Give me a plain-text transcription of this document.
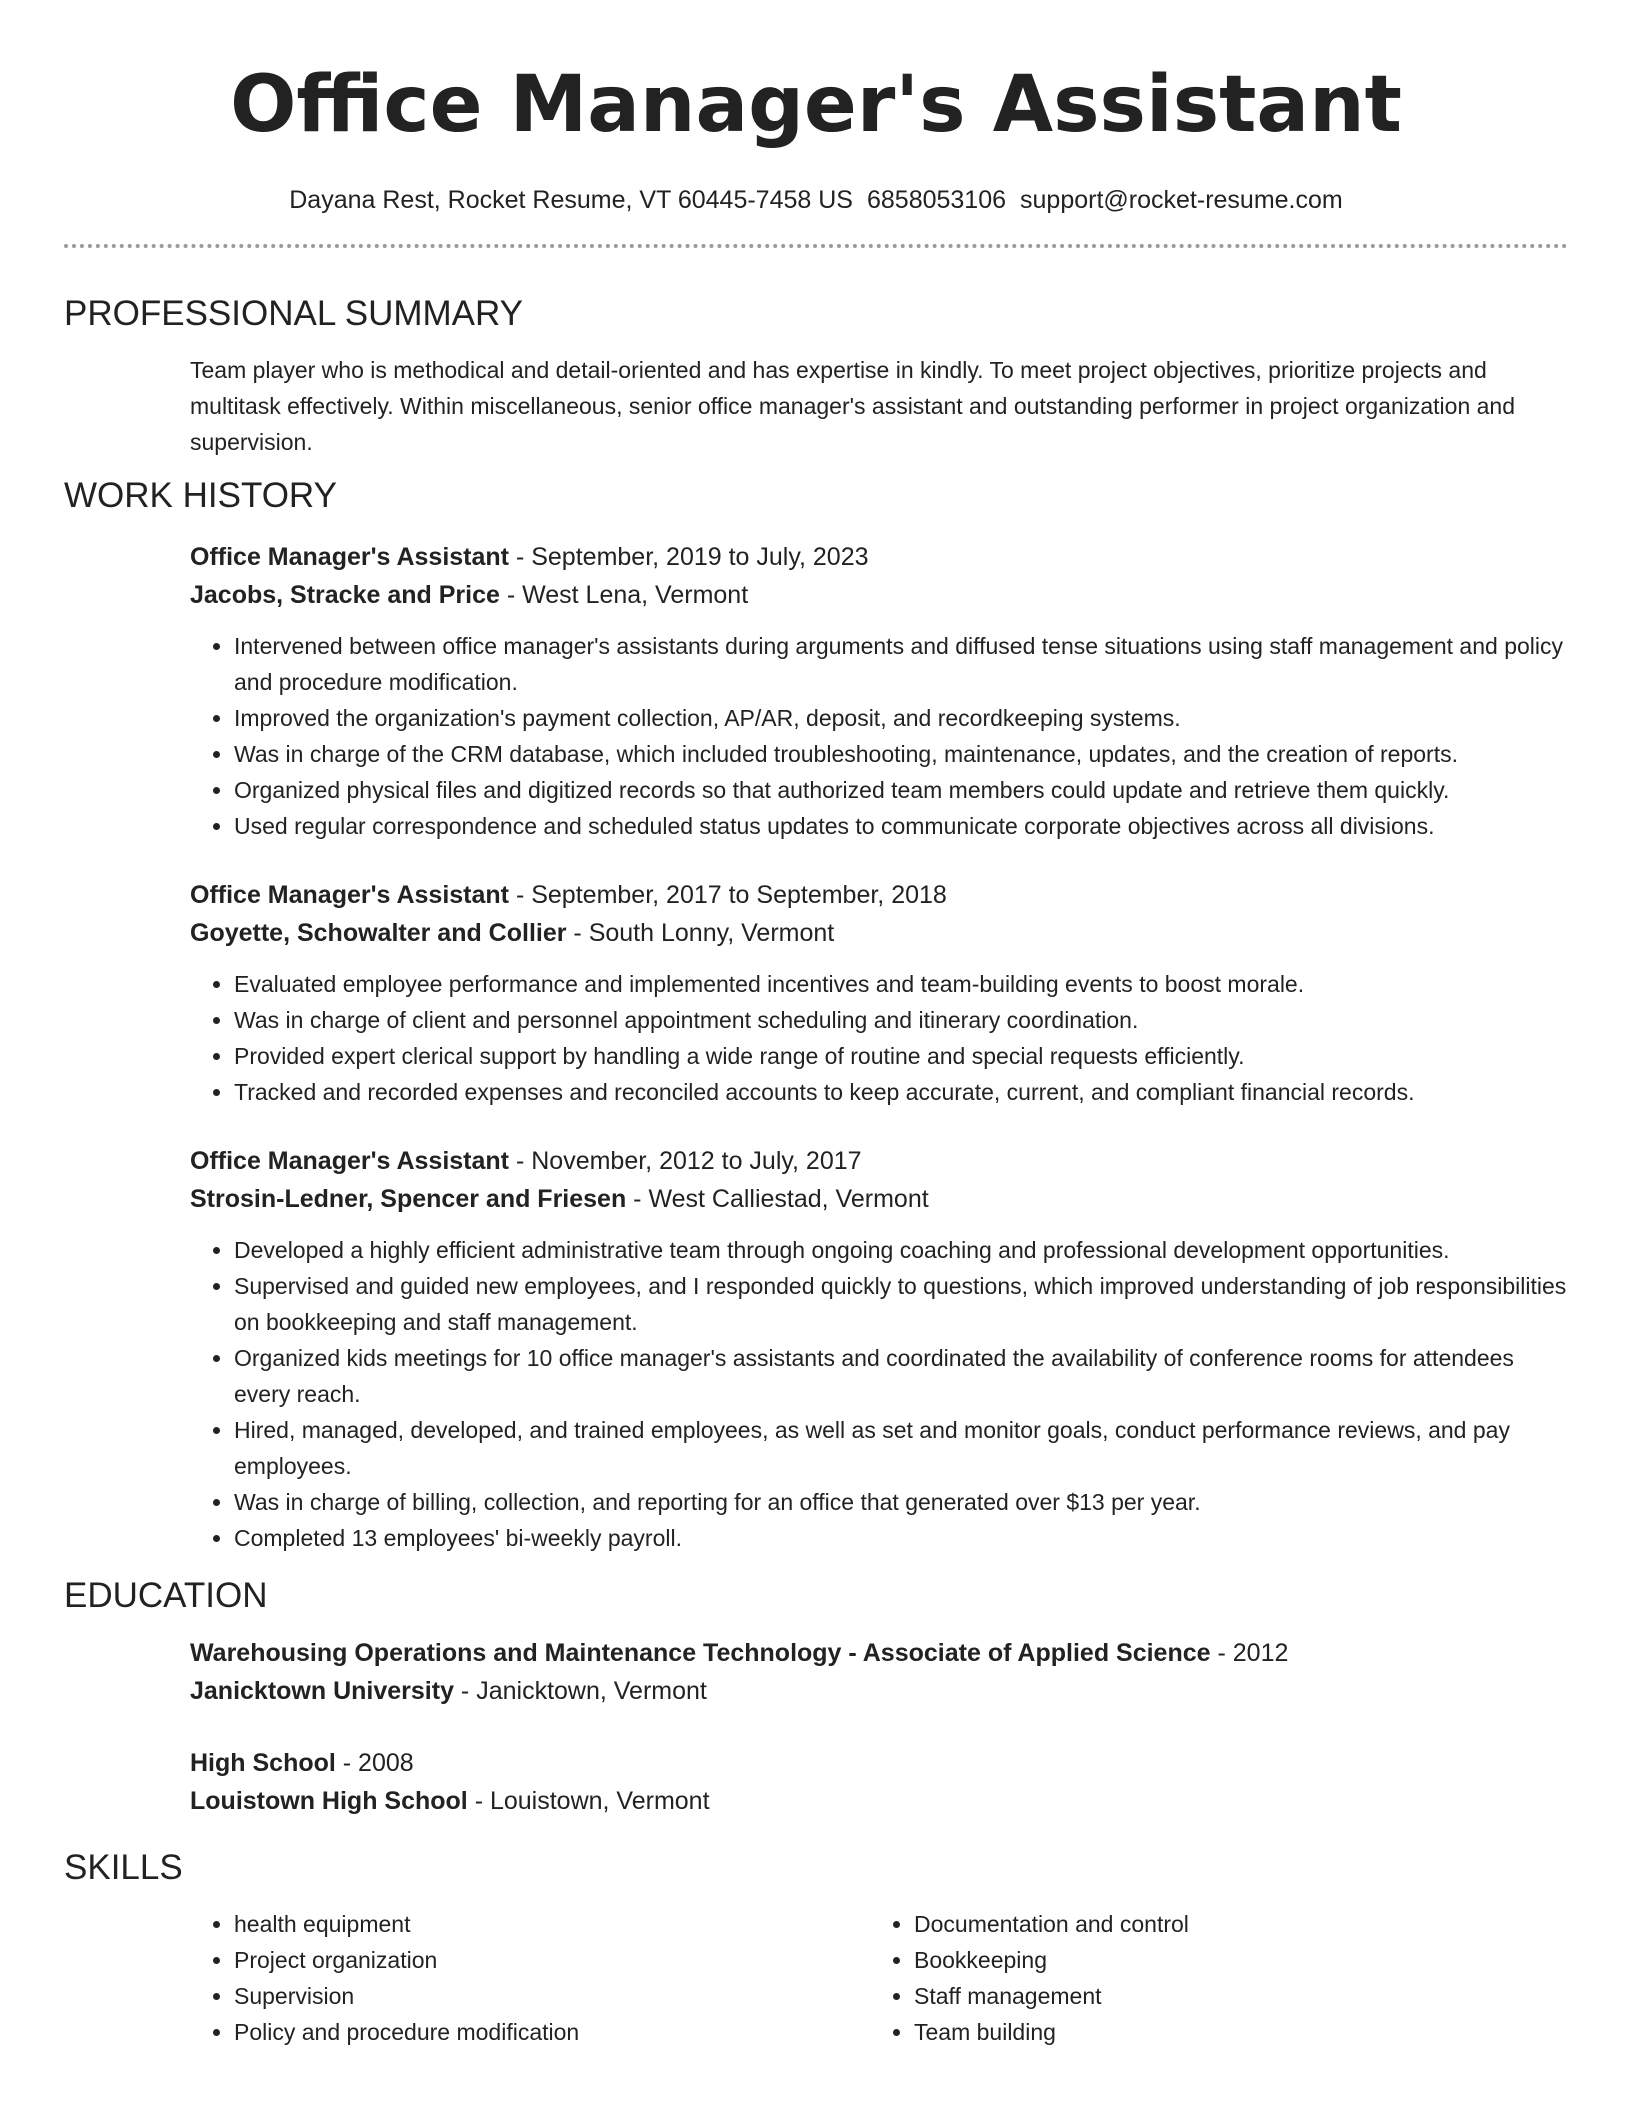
Office Manager's Assistant
Dayana Rest, Rocket Resume, VT 60445-7458 US 6858053106 support@rocket-resume.com
PROFESSIONAL SUMMARY

Team player who is methodical and detail-oriented and has expertise in kindly. To meet project objectives, prioritize projects and multitask effectively. Within miscellaneous, senior office manager's assistant and outstanding performer in project organization and supervision.

WORK HISTORY
Office Manager's Assistant - September, 2019 to July, 2023
Jacobs, Stracke and Price - West Lena, Vermont
• Intervened between office manager's assistants during arguments and diffused tense situations using staff management and policy and procedure modification.
• Improved the organization's payment collection, AP/AR, deposit, and recordkeeping systems.
• Was in charge of the CRM database, which included troubleshooting, maintenance, updates, and the creation of reports.
• Organized physical files and digitized records so that authorized team members could update and retrieve them quickly.
• Used regular correspondence and scheduled status updates to communicate corporate objectives across all divisions.
Office Manager's Assistant - September, 2017 to September, 2018
Goyette, Schowalter and Collier - South Lonny, Vermont
• Evaluated employee performance and implemented incentives and team-building events to boost morale.
• Was in charge of client and personnel appointment scheduling and itinerary coordination.
• Provided expert clerical support by handling a wide range of routine and special requests efficiently.
• Tracked and recorded expenses and reconciled accounts to keep accurate, current, and compliant financial records.
Office Manager's Assistant - November, 2012 to July, 2017
Strosin-Ledner, Spencer and Friesen - West Calliestad, Vermont
• Developed a highly efficient administrative team through ongoing coaching and professional development opportunities.
• Supervised and guided new employees, and I responded quickly to questions, which improved understanding of job responsibilities on bookkeeping and staff management.
• Organized kids meetings for 10 office manager's assistants and coordinated the availability of conference rooms for attendees every reach.
• Hired, managed, developed, and trained employees, as well as set and monitor goals, conduct performance reviews, and pay employees.
• Was in charge of billing, collection, and reporting for an office that generated over $13 per year.
• Completed 13 employees' bi-weekly payroll.
EDUCATION
Warehousing Operations and Maintenance Technology - Associate of Applied Science - 2012
Janicktown University - Janicktown, Vermont
High School - 2008
Louistown High School - Louistown, Vermont
SKILLS
• health equipment
• Project organization
• Supervision
• Policy and procedure modification
• Documentation and control
• Bookkeeping
• Staff management
• Team building
